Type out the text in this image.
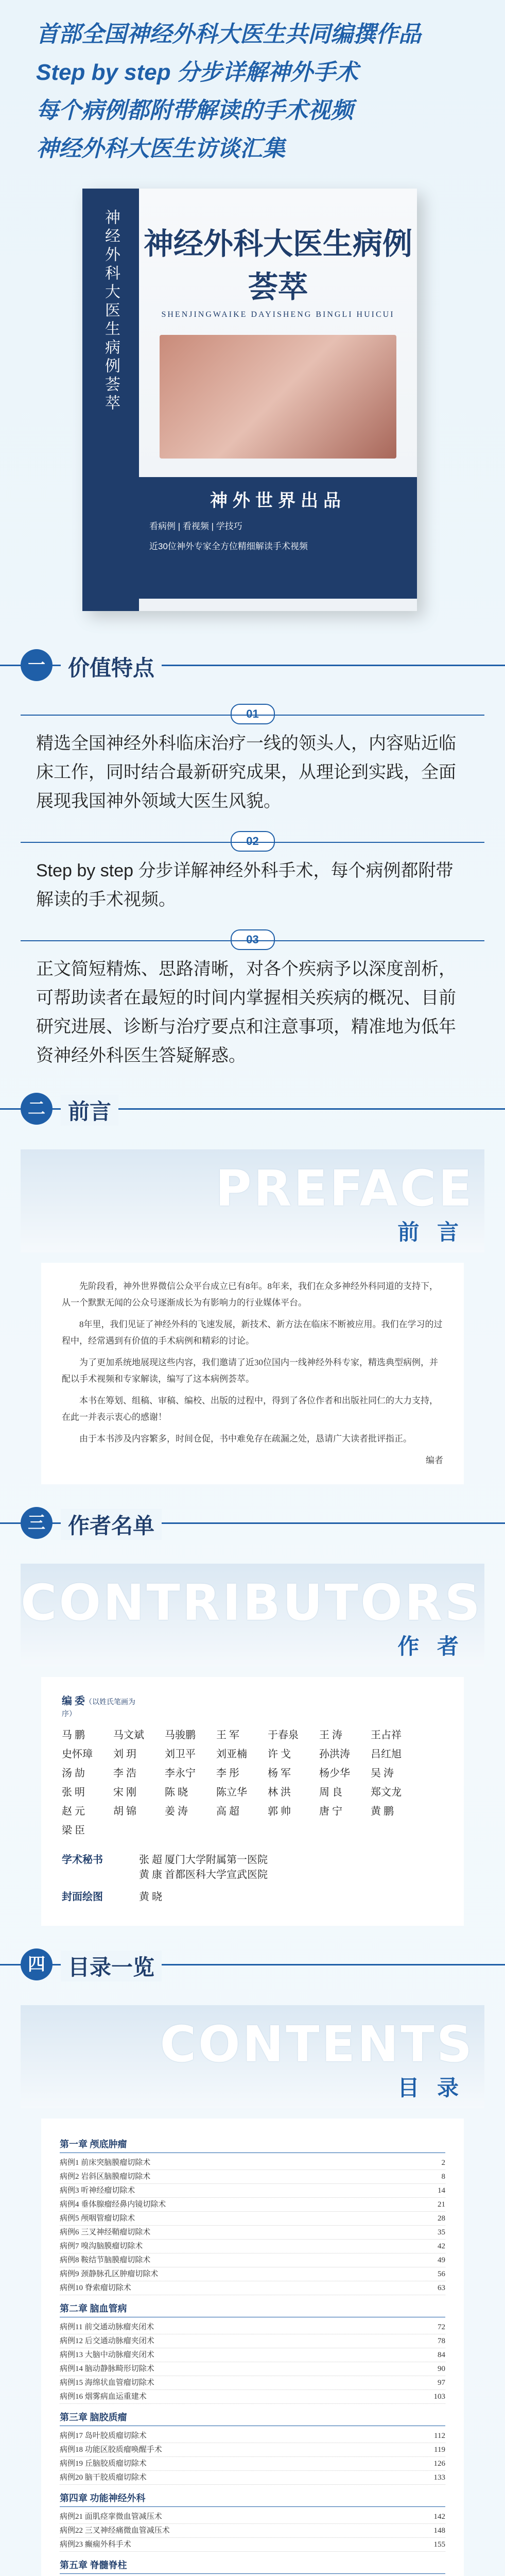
首部全国神经外科大医生共同编撰作品
Step by step 分步详解神外手术
每个病例都附带解读的手术视频
神经外科大医生访谈汇集
神经外科大医生病例荟萃 神经外科大医生病例荟萃
SHENJINGWAIKE DAYISHENG BINGLI HUICUI
神外世界出品
看病例 | 看视频 | 学技巧
近30位神外专家全方位精细解读手术视频
一	价值特点
01
精选全国神经外科临床治疗一线的领头人，内容贴近临床工作，同时结合最新研究成果，从理论到实践，全面展现我国神外领域大医生风貌。
02
Step by step 分步详解神经外科手术，每个病例都附带解读的手术视频。
03
正文简短精炼、思路清晰，对各个疾病予以深度剖析，可帮助读者在最短的时间内掌握相关疾病的概况、目前研究进展、诊断与治疗要点和注意事项，精准地为低年资神经外科医生答疑解惑。
二	前言
PREFACE
前 言

先阶段看，神外世界微信公众平台成立已有8年。8年来，我们在众多神经外科同道的支持下，从一个默默无闻的公众号逐渐成长为有影响力的行业媒体平台。

8年里，我们见证了神经外科的飞速发展，新技术、新方法在临床不断被应用。我们在学习的过程中，经常遇到有价值的手术病例和精彩的讨论。

为了更加系统地展现这些内容，我们邀请了近30位国内一线神经外科专家，精选典型病例，并配以手术视频和专家解读，编写了这本病例荟萃。

本书在筹划、组稿、审稿、编校、出版的过程中，得到了各位作者和出版社同仁的大力支持，在此一并表示衷心的感谢！

由于本书涉及内容繁多，时间仓促，书中难免存在疏漏之处，恳请广大读者批评指正。

编者
三	作者名单
CONTRIBUTORS
作 者
编 委（以姓氏笔画为序）
马 鹏	马文斌	马骏鹏	王 军	于春泉	王 涛	王占祥
史怀璋	刘 玥	刘卫平	刘亚楠	许 戈	孙洪涛	吕红旭
汤 劼	李 浩	李永宁	李 彤	杨 军	杨少华	吴 涛
张 明	宋 刚	陈 晓	陈立华	林 洪	周 良	郑文龙
赵 元	胡 锦	姜 涛	高 超	郭 帅	唐 宁	黄 鹏
梁 臣
学术秘书	张 超 厦门大学附属第一医院
黄 康 首都医科大学宣武医院
封面绘图	黄 晓
四	目录一览
CONTENTS
目 录
第一章 颅底肿瘤
病例1 前床突脑膜瘤切除术	2
病例2 岩斜区脑膜瘤切除术	8
病例3 听神经瘤切除术	14
病例4 垂体腺瘤经鼻内镜切除术	21
病例5 颅咽管瘤切除术	28
病例6 三叉神经鞘瘤切除术	35
病例7 嗅沟脑膜瘤切除术	42
病例8 鞍结节脑膜瘤切除术	49
病例9 颈静脉孔区肿瘤切除术	56
病例10 脊索瘤切除术	63
第二章 脑血管病
病例11 前交通动脉瘤夹闭术	72
病例12 后交通动脉瘤夹闭术	78
病例13 大脑中动脉瘤夹闭术	84
病例14 脑动静脉畸形切除术	90
病例15 海绵状血管瘤切除术	97
病例16 烟雾病血运重建术	103
第三章 脑胶质瘤
病例17 岛叶胶质瘤切除术	112
病例18 功能区胶质瘤唤醒手术	119
病例19 丘脑胶质瘤切除术	126
病例20 脑干胶质瘤切除术	133
第四章 功能神经外科
病例21 面肌痉挛微血管减压术	142
病例22 三叉神经痛微血管减压术	148
病例23 癫痫外科手术	155
第五章 脊髓脊柱
